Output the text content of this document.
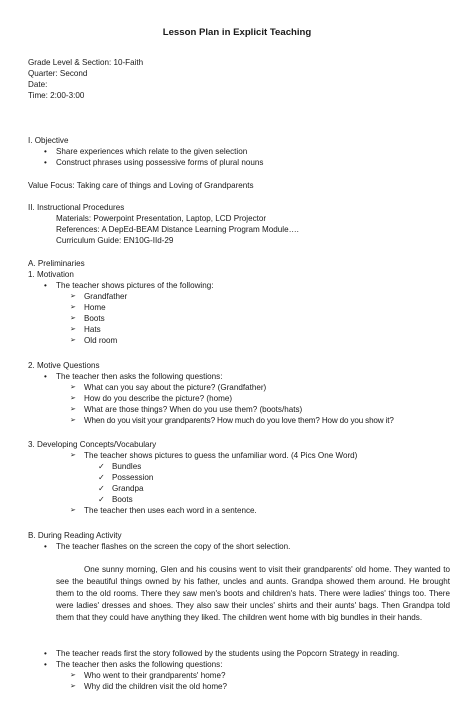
Lesson Plan in Explicit Teaching
Grade Level & Section: 10-Faith
Quarter: Second
Date:
Time: 2:00-3:00
I. Objective
• Share experiences which relate to the given selection
• Construct phrases using possessive forms of plural nouns
Value Focus: Taking care of things and Loving of Grandparents
II. Instructional Procedures
Materials: Powerpoint Presentation, Laptop, LCD Projector
References: A DepEd-BEAM Distance Learning Program Module….
Curriculum Guide: EN10G-IId-29
A. Preliminaries
1. Motivation
• The teacher shows pictures of the following:
➢ Grandfather
➢ Home
➢ Boots
➢ Hats
➢ Old room
2. Motive Questions
• The teacher then asks the following questions:
➢ What can you say about the picture? (Grandfather)
➢ How do you describe the picture? (home)
➢ What are those things? When do you use them? (boots/hats)
➢ When do you visit your grandparents? How much do you love them? How do you show it?
3. Developing Concepts/Vocabulary
➢ The teacher shows pictures to guess the unfamiliar word. (4 Pics One Word)
✓ Bundles
✓ Possession
✓ Grandpa
✓ Boots
➢ The teacher then uses each word in a sentence.
B. During Reading Activity
• The teacher flashes on the screen the copy of the short selection.
One sunny morning, Glen and his cousins went to visit their grandparents' old home. They wanted to see the beautiful things owned by his father, uncles and aunts. Grandpa showed them around. He brought them to the old rooms. There they saw men's boots and children's hats. There were ladies' things too. There were ladies' dresses and shoes. They also saw their uncles' shirts and their aunts' bags. Then Grandpa told them that they could have anything they liked. The children went home with big bundles in their hands.
• The teacher reads first the story followed by the students using the Popcorn Strategy in reading.
• The teacher then asks the following questions:
➢ Who went to their grandparents' home?
➢ Why did the children visit the old home?
